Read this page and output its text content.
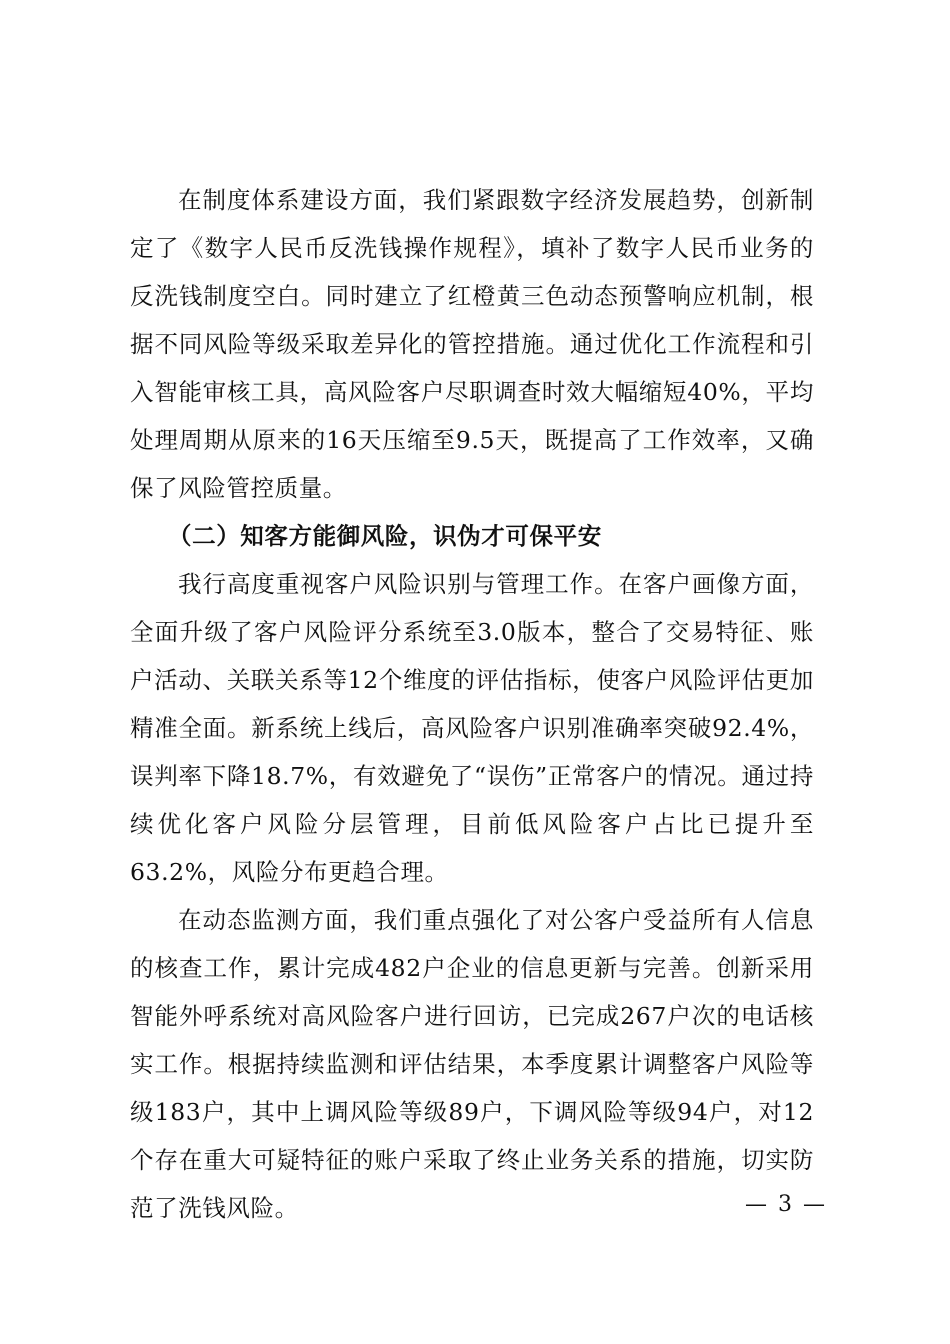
在制度体系建设方面，我们紧跟数字经济发展趋势，创新制定了《数字人民币反洗钱操作规程》，填补了数字人民币业务的反洗钱制度空白。同时建立了红橙黄三色动态预警响应机制，根据不同风险等级采取差异化的管控措施。通过优化工作流程和引入智能审核工具，高风险客户尽职调查时效大幅缩短40%，平均处理周期从原来的16天压缩至9.5天，既提高了工作效率，又确保了风险管控质量。

（二）知客方能御风险，识伪才可保平安

我行高度重视客户风险识别与管理工作。在客户画像方面，全面升级了客户风险评分系统至3.0版本，整合了交易特征、账户活动、关联关系等12个维度的评估指标，使客户风险评估更加精准全面。新系统上线后，高风险客户识别准确率突破92.4%，误判率下降18.7%，有效避免了“误伤”正常客户的情况。通过持续优化客户风险分层管理，目前低风险客户占比已提升至63.2%，风险分布更趋合理。

在动态监测方面，我们重点强化了对公客户受益所有人信息的核查工作，累计完成482户企业的信息更新与完善。创新采用智能外呼系统对高风险客户进行回访，已完成267户次的电话核实工作。根据持续监测和评估结果，本季度累计调整客户风险等级183户，其中上调风险等级89户，下调风险等级94户，对12个存在重大可疑特征的账户采取了终止业务关系的措施，切实防范了洗钱风险。	— 3 —
